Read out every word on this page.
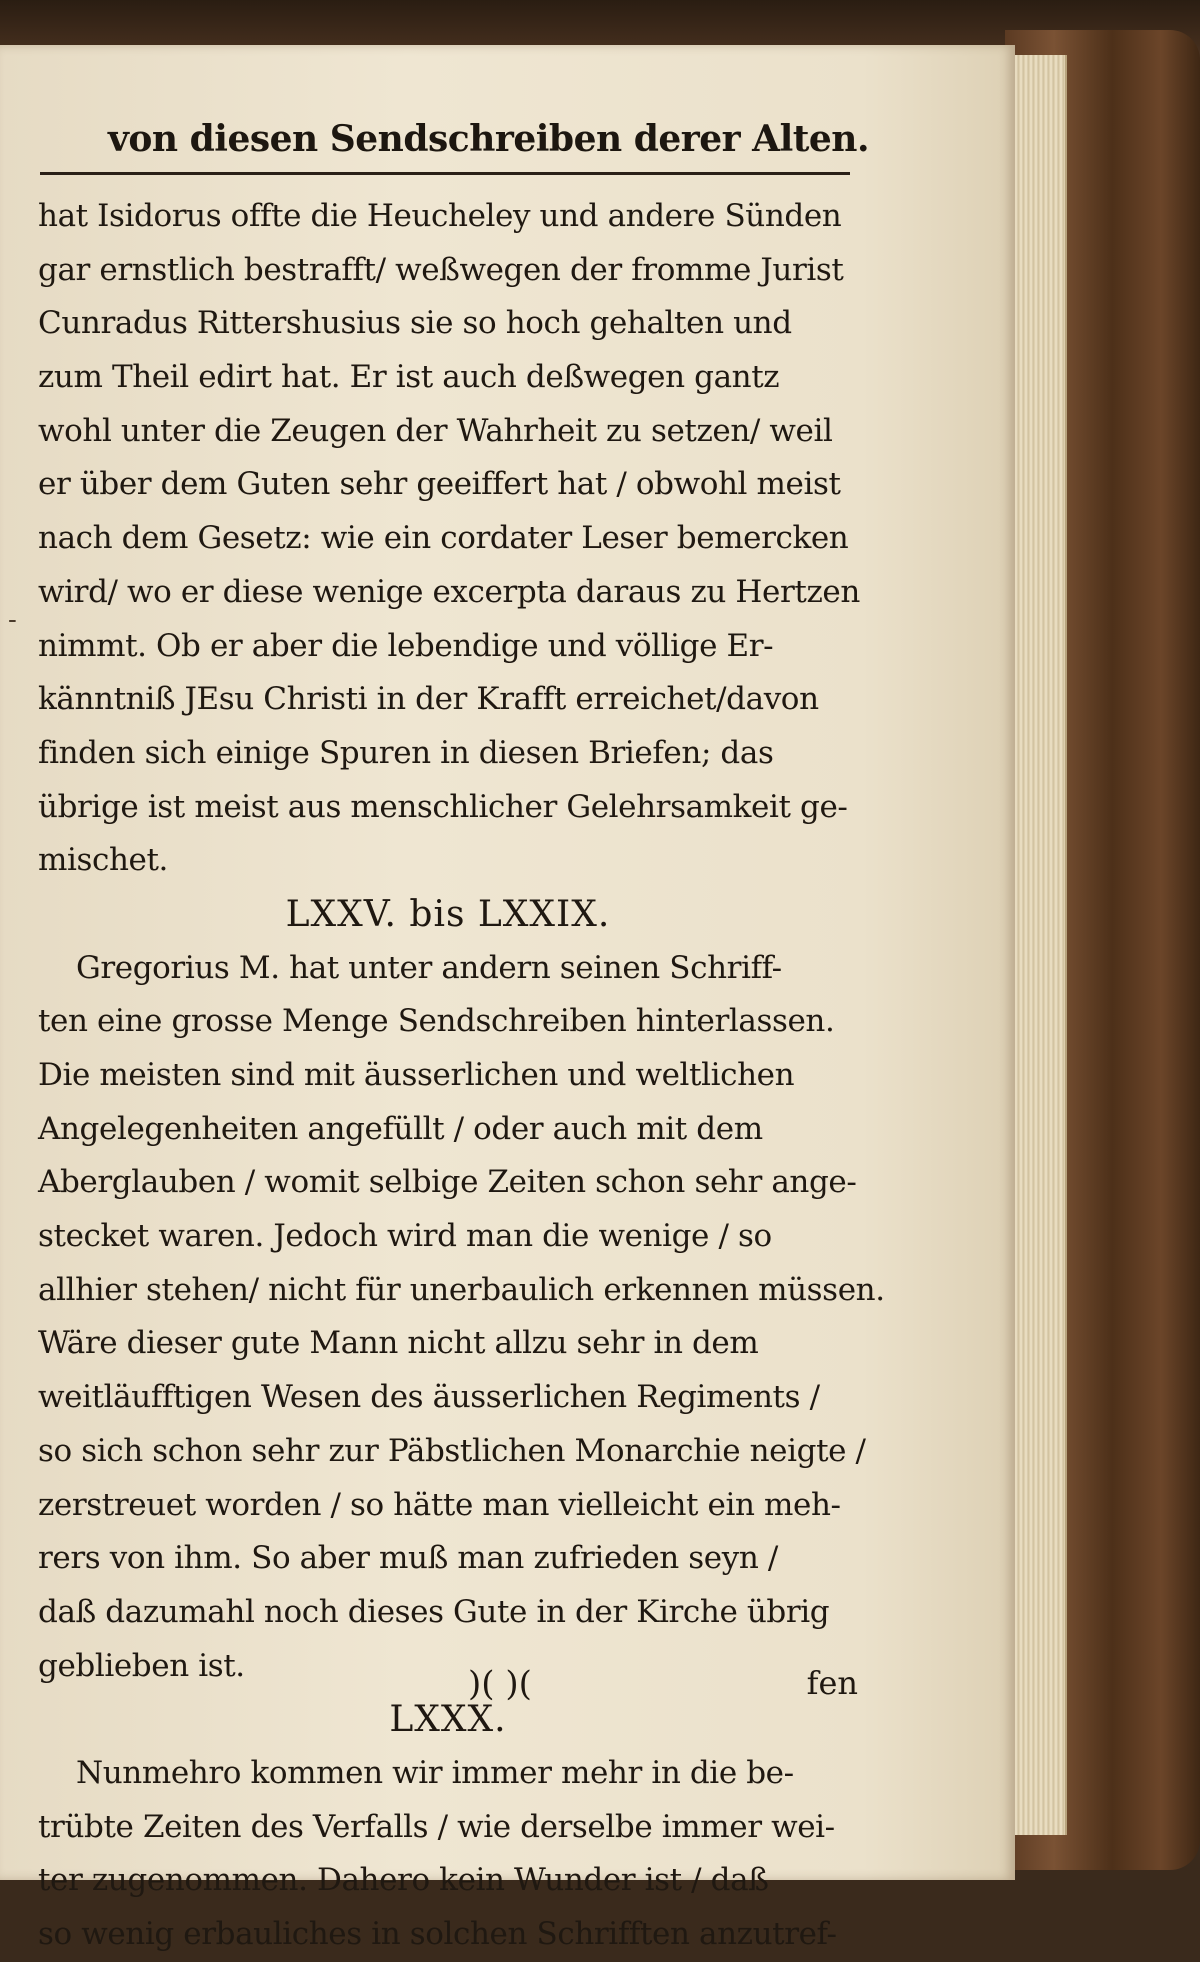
von diesen Sendschreiben derer Alten.
-
hat Isidorus offte die Heucheley und andere Sünden
gar ernstlich bestrafft/ weßwegen der fromme Jurist
Cunradus Rittershusius sie so hoch gehalten und
zum Theil edirt hat. Er ist auch deßwegen gantz
wohl unter die Zeugen der Wahrheit zu setzen/ weil
er über dem Guten sehr geeiffert hat / obwohl meist
nach dem Gesetz: wie ein cordater Leser bemercken
wird/ wo er diese wenige excerpta daraus zu Hertzen
nimmt. Ob er aber die lebendige und völlige Er-
känntniß JEsu Christi in der Krafft erreichet/davon
finden sich einige Spuren in diesen Briefen; das
übrige ist meist aus menschlicher Gelehrsamkeit ge-
mischet.
LXXV. bis LXXIX.
Gregorius M. hat unter andern seinen Schriff-
ten eine grosse Menge Sendschreiben hinterlassen.
Die meisten sind mit äusserlichen und weltlichen
Angelegenheiten angefüllt / oder auch mit dem
Aberglauben / womit selbige Zeiten schon sehr ange-
stecket waren. Jedoch wird man die wenige / so
allhier stehen/ nicht für unerbaulich erkennen müssen.
Wäre dieser gute Mann nicht allzu sehr in dem
weitläufftigen Wesen des äusserlichen Regiments /
so sich schon sehr zur Päbstlichen Monarchie neigte /
zerstreuet worden / so hätte man vielleicht ein meh-
rers von ihm. So aber muß man zufrieden seyn /
daß dazumahl noch dieses Gute in der Kirche übrig
geblieben ist.
LXXX.
Nunmehro kommen wir immer mehr in die be-
trübte Zeiten des Verfalls / wie derselbe immer wei-
ter zugenommen. Dahero kein Wunder ist / daß
so wenig erbauliches in solchen Schrifften anzutref-
)( )(	fen
